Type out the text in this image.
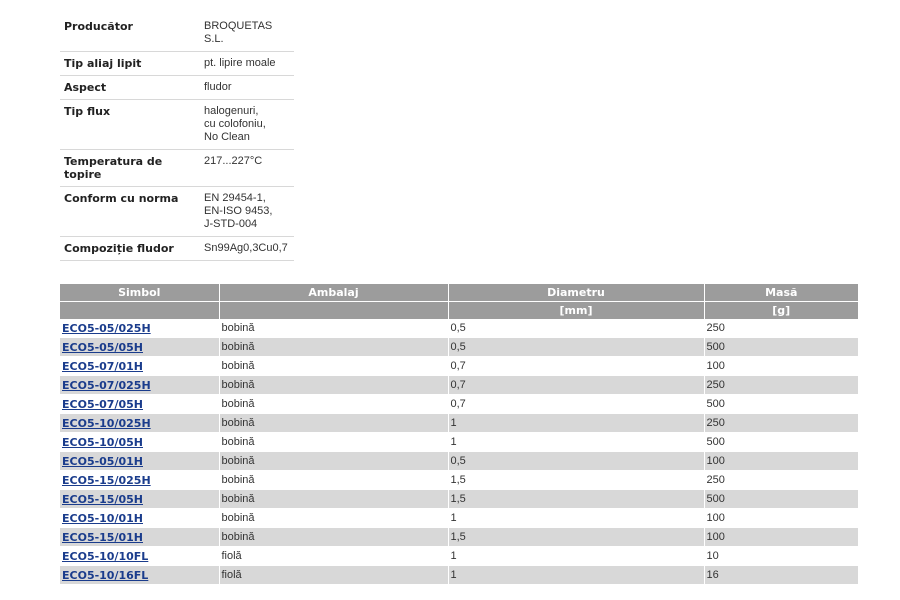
Producător	BROQUETAS S.L.
Tip aliaj lipit	pt. lipire moale
Aspect	fludor
Tip flux	halogenuri,
cu colofoniu,
No Clean
Temperatura de topire	217...227°C
Conform cu norma	EN 29454-1,
EN-ISO 9453,
J-STD-004
Compoziție fludor	Sn99Ag0,3Cu0,7
Simbol	Ambalaj	Diametru	Masă
		[mm]	[g]
ECO5-05/025H	bobină	0,5	250
ECO5-05/05H	bobină	0,5	500
ECO5-07/01H	bobină	0,7	100
ECO5-07/025H	bobină	0,7	250
ECO5-07/05H	bobină	0,7	500
ECO5-10/025H	bobină	1	250
ECO5-10/05H	bobină	1	500
ECO5-05/01H	bobină	0,5	100
ECO5-15/025H	bobină	1,5	250
ECO5-15/05H	bobină	1,5	500
ECO5-10/01H	bobină	1	100
ECO5-15/01H	bobină	1,5	100
ECO5-10/10FL	fiolă	1	10
ECO5-10/16FL	fiolă	1	16
